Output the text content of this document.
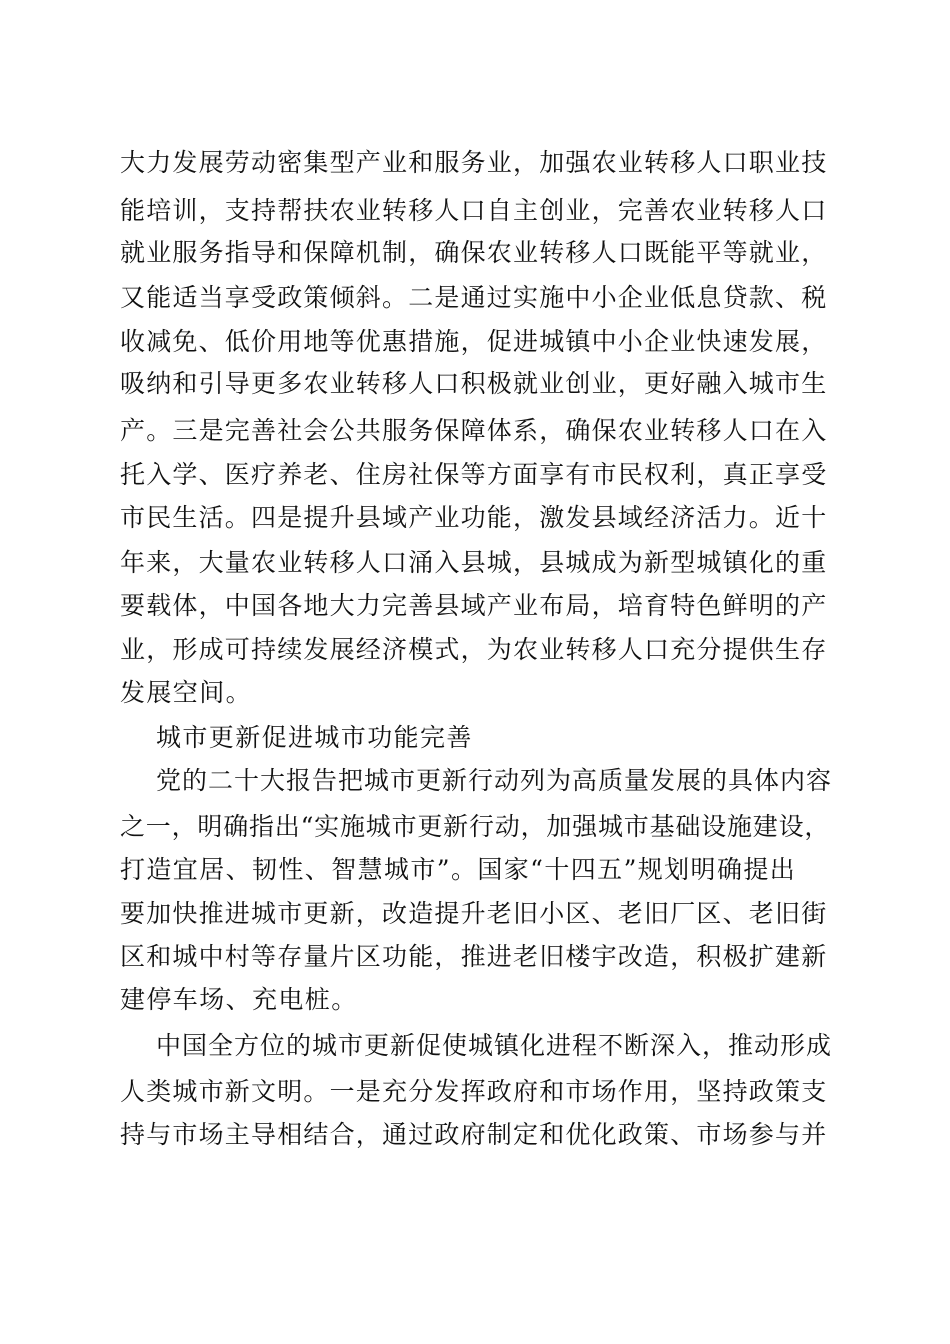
大力发展劳动密集型产业和服务业，加强农业转移人口职业技
能培训，支持帮扶农业转移人口自主创业，完善农业转移人口
就业服务指导和保障机制，确保农业转移人口既能平等就业，
又能适当享受政策倾斜。二是通过实施中小企业低息贷款、税
收减免、低价用地等优惠措施，促进城镇中小企业快速发展，
吸纳和引导更多农业转移人口积极就业创业，更好融入城市生
产。三是完善社会公共服务保障体系，确保农业转移人口在入
托入学、医疗养老、住房社保等方面享有市民权利，真正享受
市民生活。四是提升县域产业功能，激发县域经济活力。近十
年来，大量农业转移人口涌入县城，县城成为新型城镇化的重
要载体，中国各地大力完善县域产业布局，培育特色鲜明的产
业，形成可持续发展经济模式，为农业转移人口充分提供生存
发展空间。
城市更新促进城市功能完善
党的二十大报告把城市更新行动列为高质量发展的具体内容
之一，明确指出“实施城市更新行动，加强城市基础设施建设，
打造宜居、韧性、智慧城市”。国家“十四五”规划明确提出
要加快推进城市更新，改造提升老旧小区、老旧厂区、老旧街
区和城中村等存量片区功能，推进老旧楼宇改造，积极扩建新
建停车场、充电桩。
中国全方位的城市更新促使城镇化进程不断深入，推动形成
人类城市新文明。一是充分发挥政府和市场作用，坚持政策支
持与市场主导相结合，通过政府制定和优化政策、市场参与并
